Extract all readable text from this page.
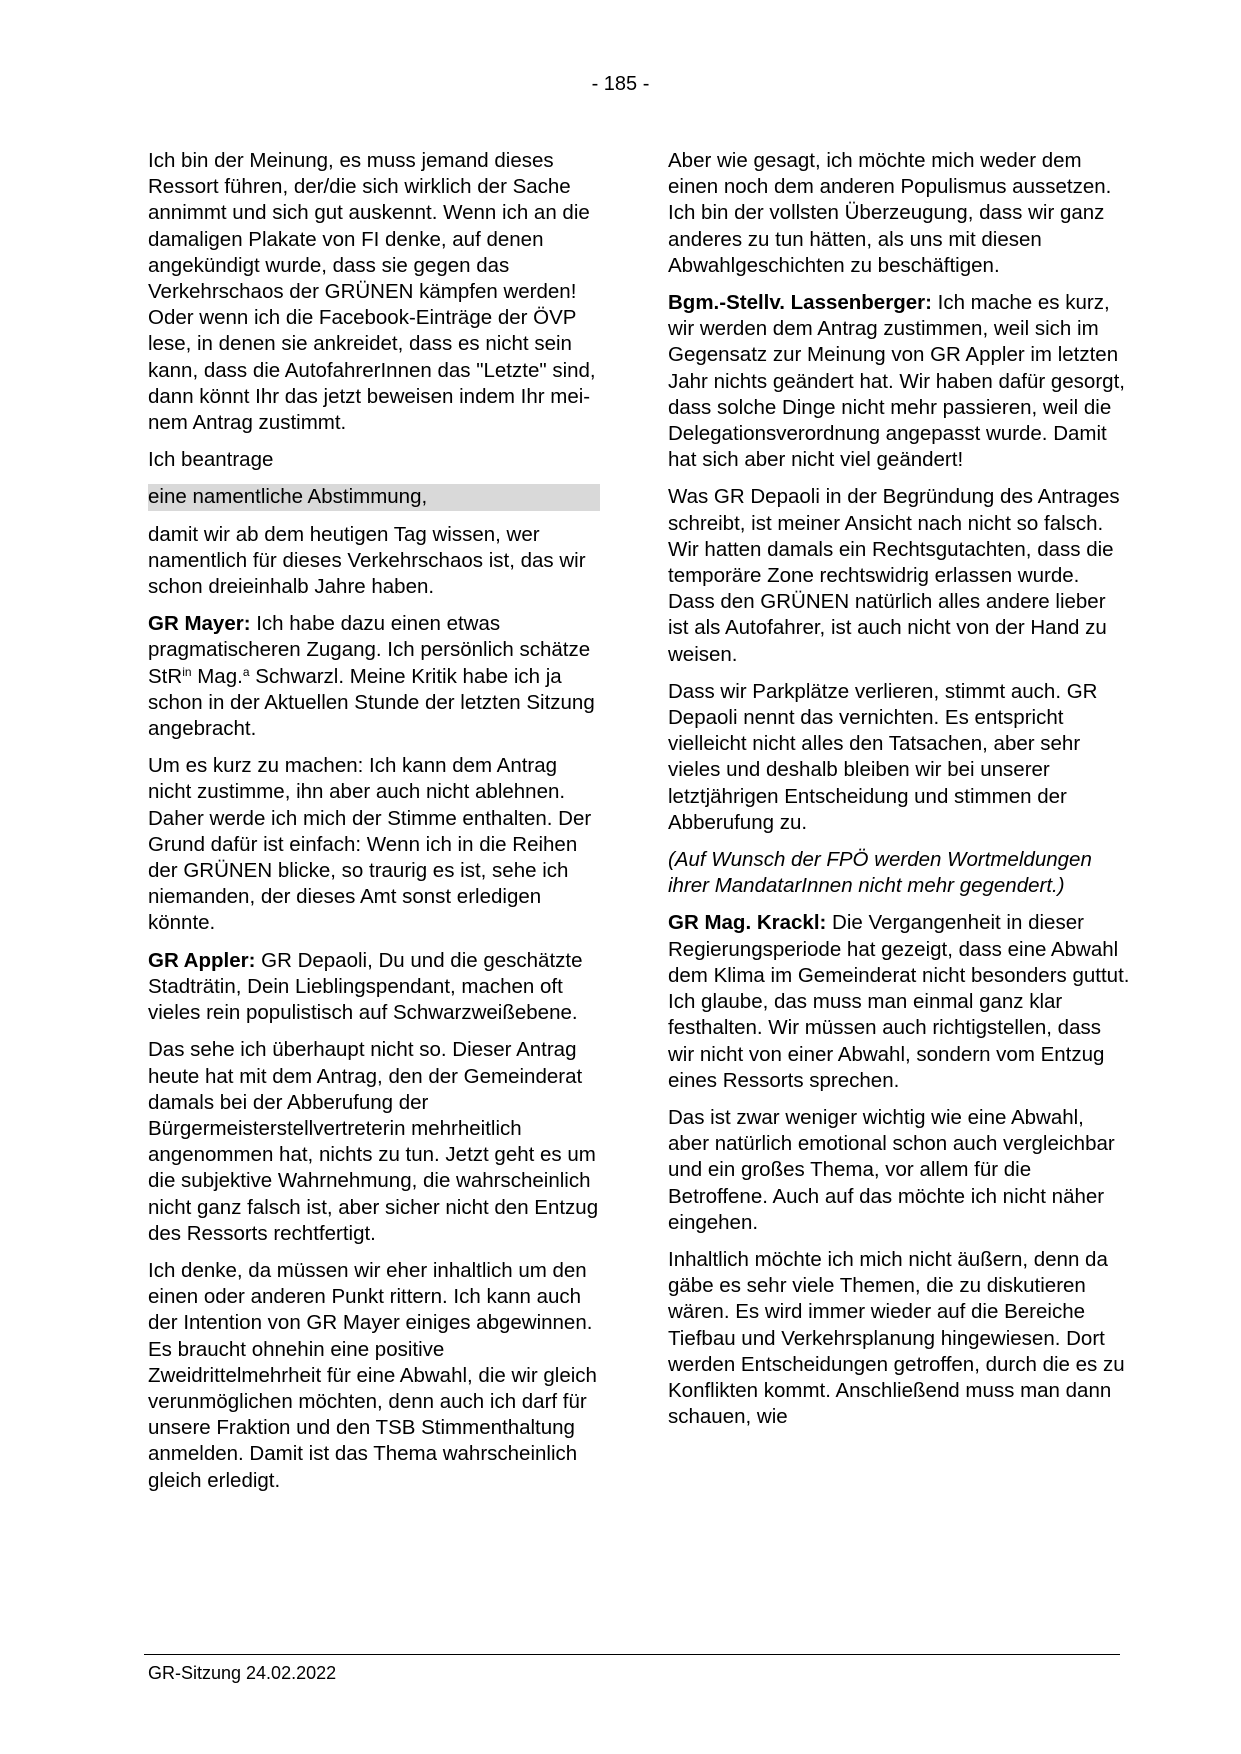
- 185 -

Ich bin der Meinung, es muss jemand dieses Ressort führen, der/die sich wirklich der Sache annimmt und sich gut auskennt. Wenn ich an die damaligen Plakate von FI denke, auf denen angekündigt wurde, dass sie gegen das Verkehrschaos der GRÜNEN kämpfen werden! Oder wenn ich die Facebook-Einträge der ÖVP lese, in denen sie ankreidet, dass es nicht sein kann, dass die AutofahrerInnen das "Letzte" sind, dann könnt Ihr das jetzt beweisen indem Ihr meinem Antrag zustimmt.

Ich beantrage

eine namentliche Abstimmung,

damit wir ab dem heutigen Tag wissen, wer namentlich für dieses Verkehrschaos ist, das wir schon dreieinhalb Jahre haben.

GR Mayer: Ich habe dazu einen etwas pragmatischeren Zugang. Ich persönlich schätze StR$^{in}$ Mag.$^a$ Schwarzl. Meine Kritik habe ich ja schon in der Aktuellen Stunde der letzten Sitzung angebracht.

Um es kurz zu machen: Ich kann dem Antrag nicht zustimme, ihn aber auch nicht ablehnen. Daher werde ich mich der Stimme enthalten. Der Grund dafür ist einfach: Wenn ich in die Reihen der GRÜNEN blicke, so traurig es ist, sehe ich niemanden, der dieses Amt sonst erledigen könnte.

GR Appler: GR Depaoli, Du und die geschätzte Stadträtin, Dein Lieblingspendant, machen oft vieles rein populistisch auf Schwarzweißebene.

Das sehe ich überhaupt nicht so. Dieser Antrag heute hat mit dem Antrag, den der Gemeinderat damals bei der Abberufung der Bürgermeisterstellvertreterin mehrheitlich angenommen hat, nichts zu tun. Jetzt geht es um die subjektive Wahrnehmung, die wahrscheinlich nicht ganz falsch ist, aber sicher nicht den Entzug des Ressorts rechtfertigt.

Ich denke, da müssen wir eher inhaltlich um den einen oder anderen Punkt rittern. Ich kann auch der Intention von GR Mayer einiges abgewinnen. Es braucht ohnehin eine positive Zweidrittelmehrheit für eine Abwahl, die wir gleich verunmöglichen möchten, denn auch ich darf für unsere Fraktion und den TSB Stimmenthaltung anmelden. Damit ist das Thema wahrscheinlich gleich erledigt.

Aber wie gesagt, ich möchte mich weder dem einen noch dem anderen Populismus aussetzen. Ich bin der vollsten Überzeugung, dass wir ganz anderes zu tun hätten, als uns mit diesen Abwahlgeschichten zu beschäftigen.

Bgm.-Stellv. Lassenberger: Ich mache es kurz, wir werden dem Antrag zustimmen, weil sich im Gegensatz zur Meinung von GR Appler im letzten Jahr nichts geändert hat. Wir haben dafür gesorgt, dass solche Dinge nicht mehr passieren, weil die Delegationsverordnung angepasst wurde. Damit hat sich aber nicht viel geändert!

Was GR Depaoli in der Begründung des Antrages schreibt, ist meiner Ansicht nach nicht so falsch. Wir hatten damals ein Rechtsgutachten, dass die temporäre Zone rechtswidrig erlassen wurde. Dass den GRÜNEN natürlich alles andere lieber ist als Autofahrer, ist auch nicht von der Hand zu weisen.

Dass wir Parkplätze verlieren, stimmt auch. GR Depaoli nennt das vernichten. Es entspricht vielleicht nicht alles den Tatsachen, aber sehr vieles und deshalb bleiben wir bei unserer letztjährigen Entscheidung und stimmen der Abberufung zu.

(Auf Wunsch der FPÖ werden Wortmeldungen ihrer MandatarInnen nicht mehr gegendert.)

GR Mag. Krackl: Die Vergangenheit in dieser Regierungsperiode hat gezeigt, dass eine Abwahl dem Klima im Gemeinderat nicht besonders guttut. Ich glaube, das muss man einmal ganz klar festhalten. Wir müssen auch richtigstellen, dass wir nicht von einer Abwahl, sondern vom Entzug eines Ressorts sprechen.

Das ist zwar weniger wichtig wie eine Abwahl, aber natürlich emotional schon auch vergleichbar und ein großes Thema, vor allem für die Betroffene. Auch auf das möchte ich nicht näher eingehen.

Inhaltlich möchte ich mich nicht äußern, denn da gäbe es sehr viele Themen, die zu diskutieren wären. Es wird immer wieder auf die Bereiche Tiefbau und Verkehrsplanung hingewiesen. Dort werden Entscheidungen getroffen, durch die es zu Konflikten kommt. Anschließend muss man dann schauen, wie

GR-Sitzung 24.02.2022
